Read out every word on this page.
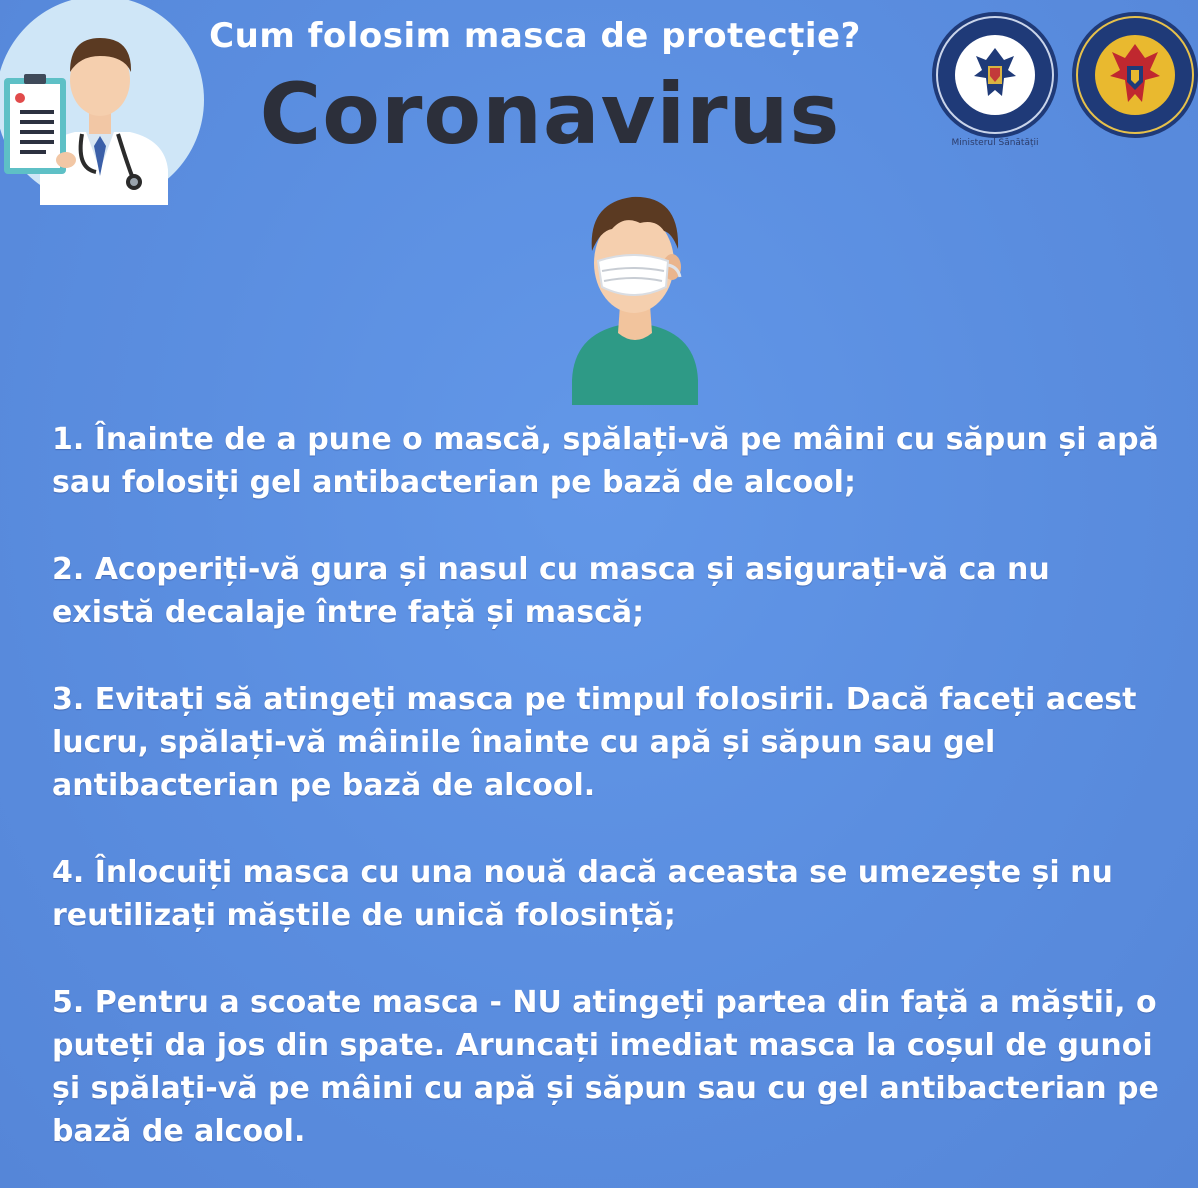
Cum folosim masca de protecție?
Coronavirus	Ministerul Sănătății
1. Înainte de a pune o mască, spălați-vă pe mâini cu săpun și apă sau folosiți gel antibacterian pe bază de alcool;
2. Acoperiți-vă gura și nasul cu masca și asigurați-vă ca nu există decalaje între față și mască;
3. Evitați să atingeți masca pe timpul folosirii. Dacă faceți acest lucru, spălați-vă mâinile înainte cu apă și săpun sau gel antibacterian pe bază de alcool.
4. Înlocuiți masca cu una nouă dacă aceasta se umezește și nu reutilizați măștile de unică folosință;
5. Pentru a scoate masca - NU atingeți partea din față a măștii, o puteți da jos din spate. Aruncați imediat masca la coșul de gunoi și spălați-vă pe mâini cu apă și săpun sau cu gel antibacterian pe bază de alcool.
